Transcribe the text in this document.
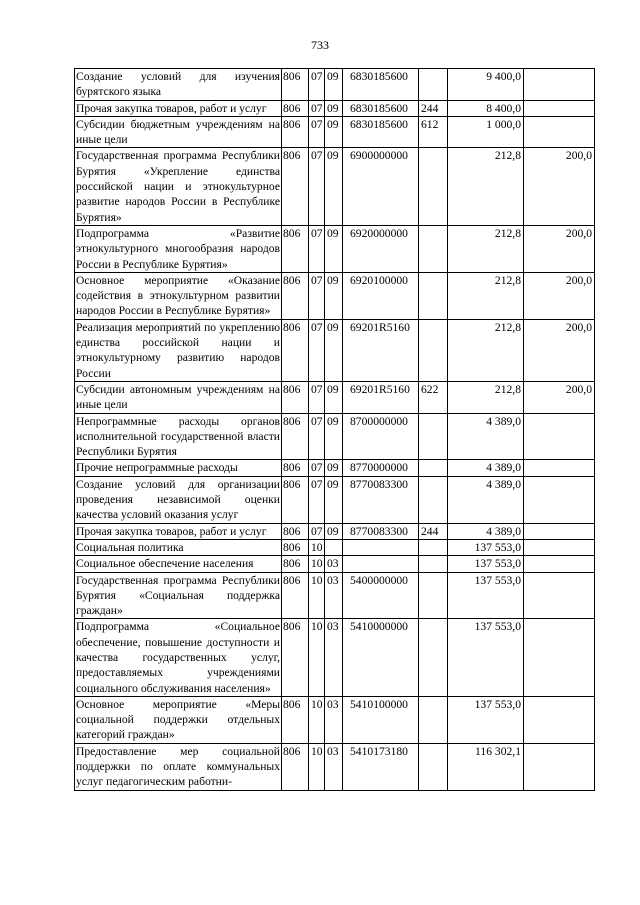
733
Создание условий для изучения бурятского языка	806	07	09	6830185600		9 400,0	
Прочая закупка товаров, работ и услуг	806	07	09	6830185600	244	8 400,0	
Субсидии бюджетным учреждениям на иные цели	806	07	09	6830185600	612	1 000,0	
Государственная программа Республики Бурятия «Укрепление единства российской нации и этнокультурное развитие народов России в Республике Бурятия»	806	07	09	6900000000		212,8	200,0
Подпрограмма «Развитие этнокультурного многообразия народов России в Республике Бурятия»	806	07	09	6920000000		212,8	200,0
Основное мероприятие «Оказание содействия в этнокультурном развитии народов России в Республике Бурятия»	806	07	09	6920100000		212,8	200,0
Реализация мероприятий по укреплению единства российской нации и этнокультурному развитию народов России	806	07	09	69201R5160		212,8	200,0
Субсидии автономным учреждениям на иные цели	806	07	09	69201R5160	622	212,8	200,0
Непрограммные расходы органов исполнительной государственной власти Республики Бурятия	806	07	09	8700000000		4 389,0	
Прочие непрограммные расходы	806	07	09	8770000000		4 389,0	
Создание условий для организации проведения независимой оценки качества условий оказания услуг	806	07	09	8770083300		4 389,0	
Прочая закупка товаров, работ и услуг	806	07	09	8770083300	244	4 389,0	
Социальная политика	806	10				137 553,0	
Социальное обеспечение населения	806	10	03			137 553,0	
Государственная программа Республики Бурятия «Социальная поддержка граждан»	806	10	03	5400000000		137 553,0	
Подпрограмма «Социальное обеспечение, повышение доступности и качества государственных услуг, предоставляемых учреждениями социального обслуживания населения»	806	10	03	5410000000		137 553,0	
Основное мероприятие «Меры социальной поддержки отдельных категорий граждан»	806	10	03	5410100000		137 553,0	
Предоставление мер социальной поддержки по оплате коммунальных услуг педагогическим работни-	806	10	03	5410173180		116 302,1	
